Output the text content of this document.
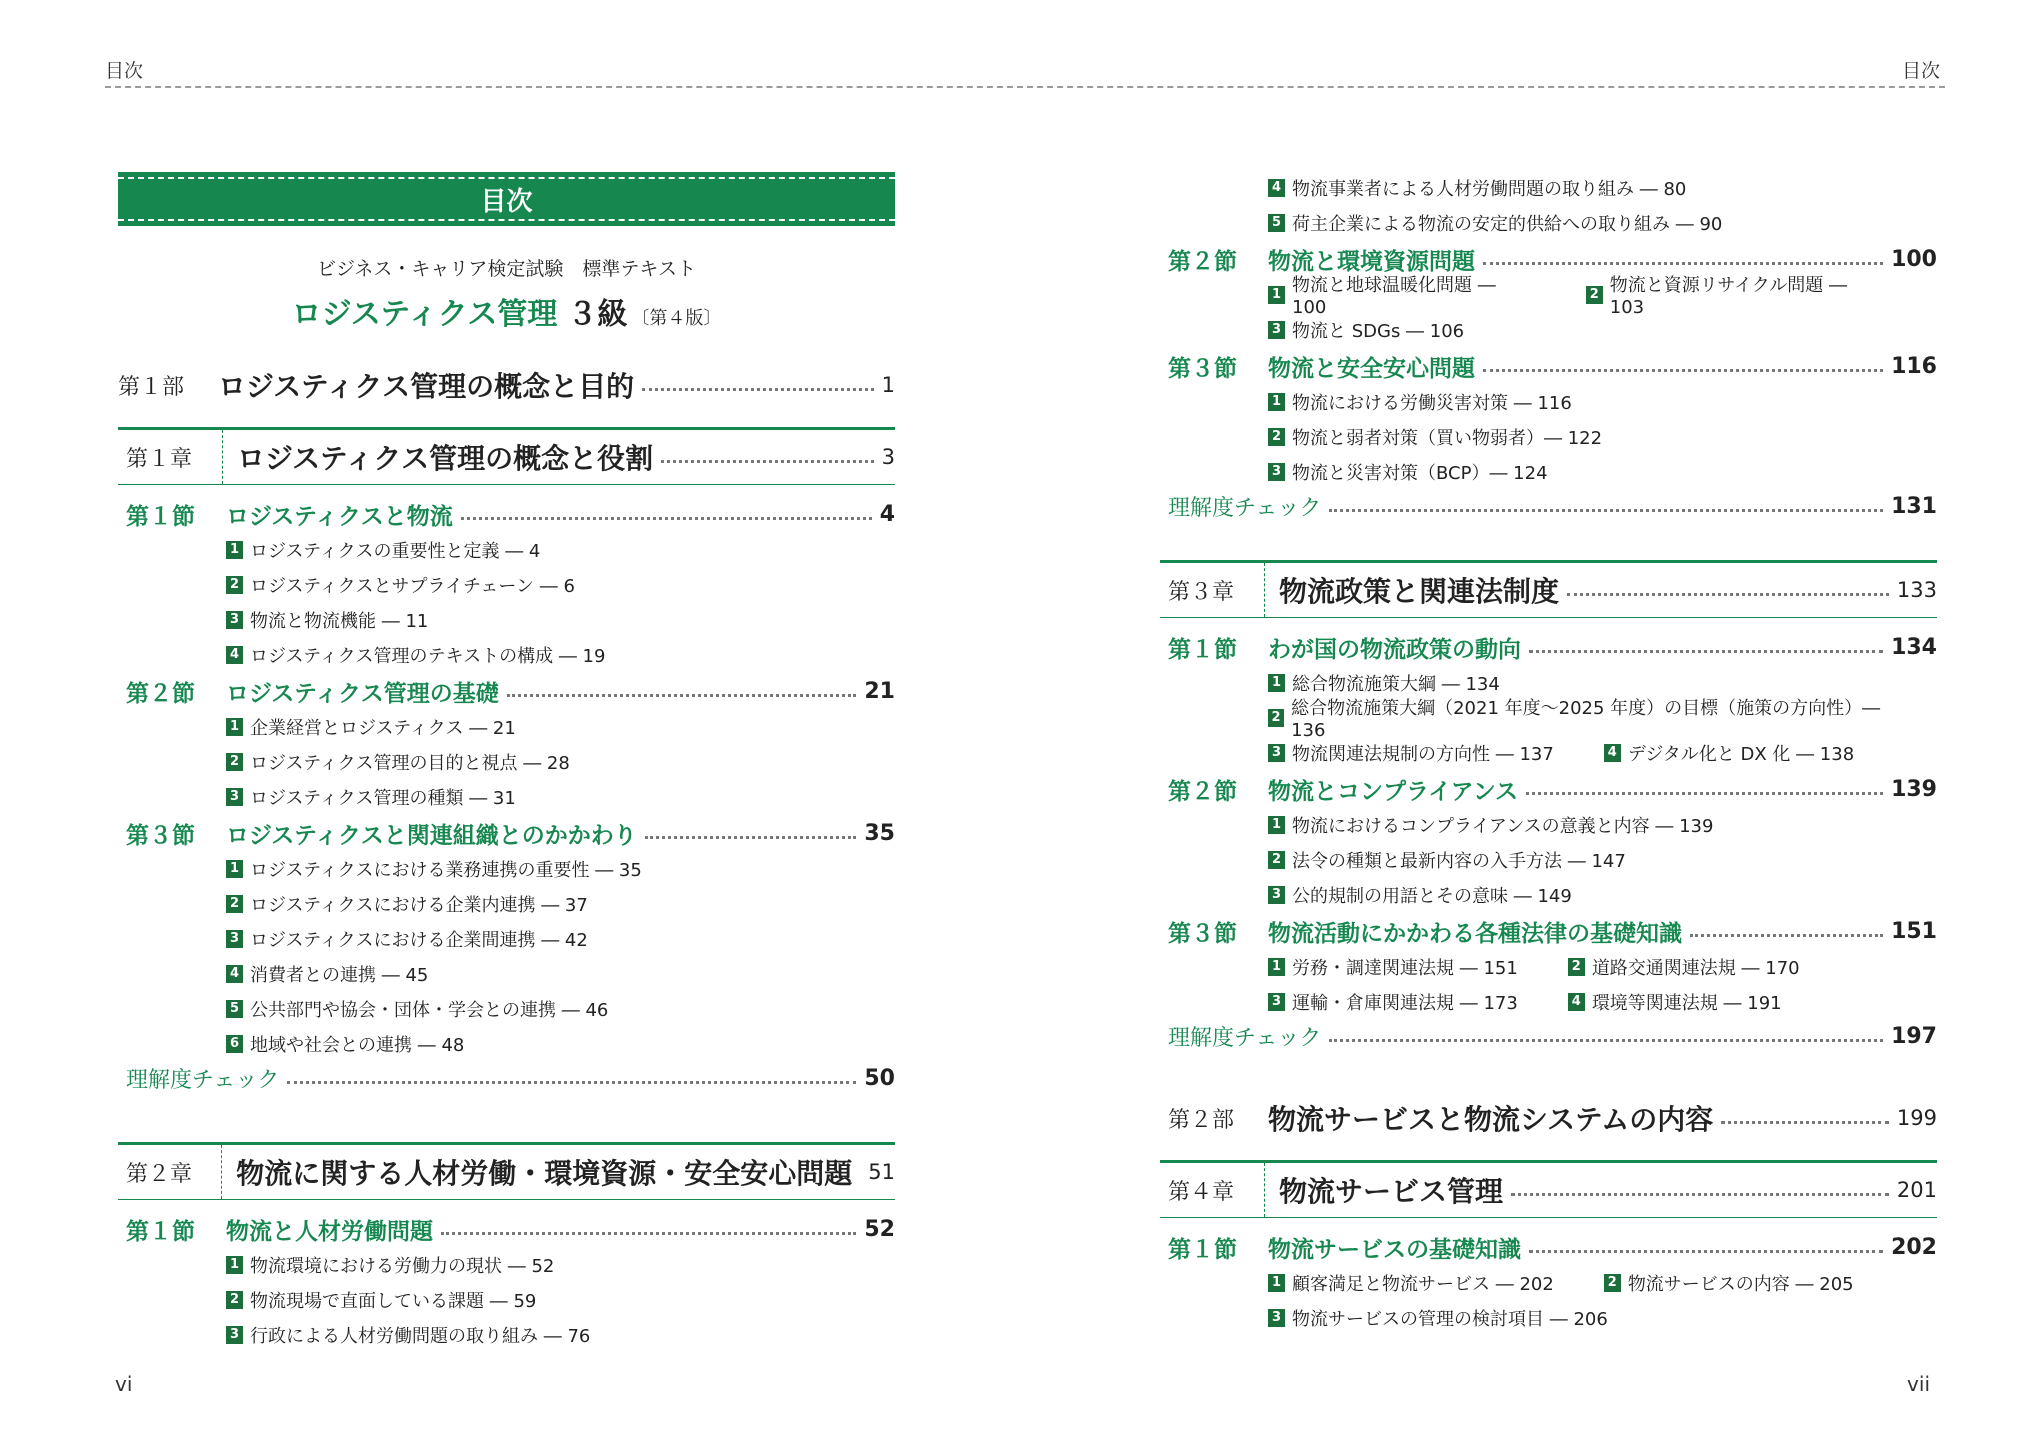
目次	目次
目次
ビジネス・キャリア検定試験　標準テキスト
ロジスティクス管理 ３級 〔第４版〕
第１部	ロジスティクス管理の概念と目的	1
第１章	ロジスティクス管理の概念と役割	3
第１節	ロジスティクスと物流	4
1 ロジスティクスの重要性と定義 ― 4
2 ロジスティクスとサプライチェーン ― 6
3 物流と物流機能 ― 11
4 ロジスティクス管理のテキストの構成 ― 19
第２節	ロジスティクス管理の基礎	21
1 企業経営とロジスティクス ― 21
2 ロジスティクス管理の目的と視点 ― 28
3 ロジスティクス管理の種類 ― 31
第３節	ロジスティクスと関連組織とのかかわり	35
1 ロジスティクスにおける業務連携の重要性 ― 35
2 ロジスティクスにおける企業内連携 ― 37
3 ロジスティクスにおける企業間連携 ― 42
4 消費者との連携 ― 45
5 公共部門や協会・団体・学会との連携 ― 46
6 地域や社会との連携 ― 48
理解度チェック	50
第２章	物流に関する人材労働・環境資源・安全安心問題 51
第１節	物流と人材労働問題	52
1 物流環境における労働力の現状 ― 52
2 物流現場で直面している課題 ― 59
3 行政による人材労働問題の取り組み ― 76
4 物流事業者による人材労働問題の取り組み ― 80
5 荷主企業による物流の安定的供給への取り組み ― 90
第２節	物流と環境資源問題	100
1 物流と地球温暖化問題 ― 100
2 物流と資源リサイクル問題 ― 103
3 物流と SDGs ― 106
第３節	物流と安全安心問題	116
1 物流における労働災害対策 ― 116
2 物流と弱者対策（買い物弱者）― 122
3 物流と災害対策（BCP）― 124
理解度チェック	131
第３章	物流政策と関連法制度	133
第１節	わが国の物流政策の動向	134
1 総合物流施策大綱 ― 134
2 総合物流施策大綱（2021 年度～2025 年度）の目標（施策の方向性）― 136
3 物流関連法規制の方向性 ― 137	4 デジタル化と DX 化 ― 138
第２節	物流とコンプライアンス	139
1 物流におけるコンプライアンスの意義と内容 ― 139
2 法令の種類と最新内容の入手方法 ― 147
3 公的規制の用語とその意味 ― 149
第３節	物流活動にかかわる各種法律の基礎知識	151
1 労務・調達関連法規 ― 151	2 道路交通関連法規 ― 170
3 運輸・倉庫関連法規 ― 173	4 環境等関連法規 ― 191
理解度チェック	197
第２部	物流サービスと物流システムの内容	199
第４章	物流サービス管理	201
第１節	物流サービスの基礎知識	202
1 顧客満足と物流サービス ― 202	2 物流サービスの内容 ― 205
3 物流サービスの管理の検討項目 ― 206
vi	vii
